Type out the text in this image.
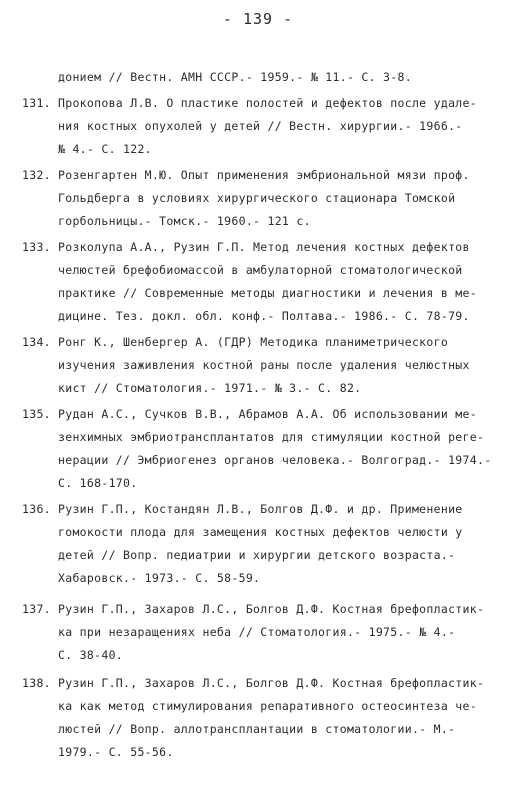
- 139 -
донием // Вестн. АМН СССР.- 1959.- № 11.- С. 3-8.
131. Прокопова Л.В. О пластике полостей и дефектов после удале-
ния костных опухолей у детей // Вестн. хирургии.- 1966.-
№ 4.- С. 122.
132. Розенгартен М.Ю. Опыт применения эмбриональной мязи проф.
Гольдберга в условиях хирургического стационара Томской
горбольницы.- Томск.- 1960.- 121 с.
133. Розколупа А.А., Рузин Г.П. Метод лечения костных дефектов
челюстей брефобиомассой в амбулаторной стоматологической
практике // Современные методы диагностики и лечения в ме-
дицине. Тез. докл. обл. конф.- Полтава.- 1986.- С. 78-79.
134. Ронг К., Шенбергер А. (ГДР) Методика планиметрического
изучения заживления костной раны после удаления челюстных
кист // Стоматология.- 1971.- № 3.- С. 82.
135. Рудан А.С., Сучков В.В., Абрамов А.А. Об использовании ме-
зенхимных эмбриотрансплантатов для стимуляции костной реге-
нерации // Эмбриогенез органов человека.- Волгоград.- 1974.-
С. 168-170.
136. Рузин Г.П., Костандян Л.В., Болгов Д.Ф. и др. Применение
гомокости плода для замещения костных дефектов челюсти у
детей // Вопр. педиатрии и хирургии детского возраста.-
Хабаровск.- 1973.- С. 58-59.
137. Рузин Г.П., Захаров Л.С., Болгов Д.Ф. Костная брефопластик-
ка при незаращениях неба // Стоматология.- 1975.- № 4.-
С. 38-40.
138. Рузин Г.П., Захаров Л.С., Болгов Д.Ф. Костная брефопластик-
ка как метод стимулирования репаративного остеосинтеза че-
люстей // Вопр. аллотрансплантации в стоматологии.- М.-
1979.- С. 55-56.
